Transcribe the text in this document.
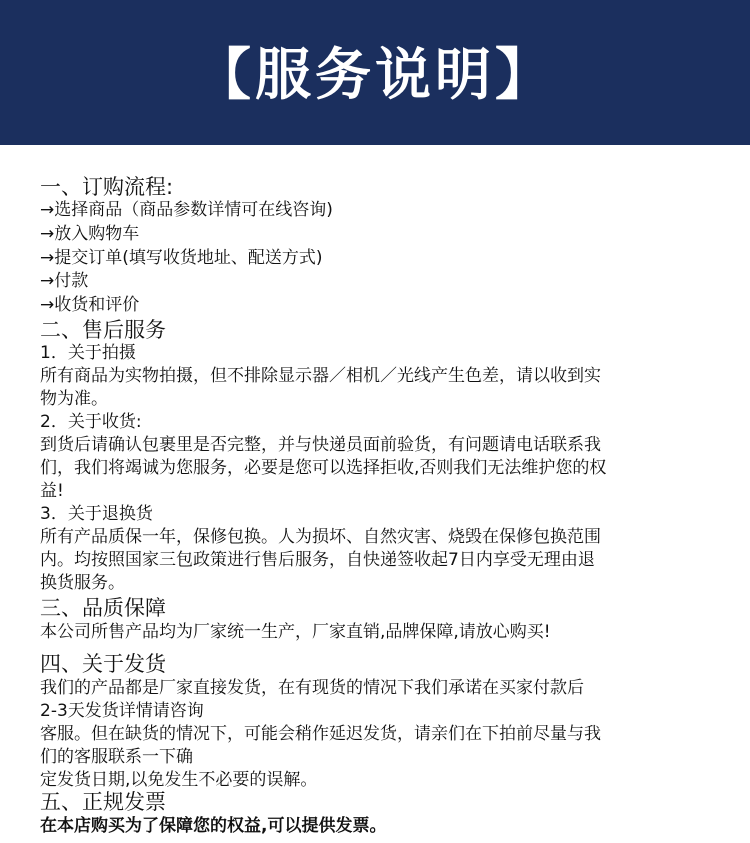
【服务说明】

一、订购流程:

→选择商品（商品参数详情可在线咨询)

→放入购物车

→提交订单(填写收货地址、配送方式)

→付款

→收货和评价

二、售后服务

1．关于拍摄

所有商品为实物拍摄，但不排除显示器／相机／光线产生色差，请以收到实

物为准。

2．关于收货:

到货后请确认包裹里是否完整，并与快递员面前验货，有问题请电话联系我

们，我们将竭诚为您服务，必要是您可以选择拒收,否则我们无法维护您的权

益!

3．关于退换货

所有产品质保一年，保修包换。人为损坏、自然灾害、烧毁在保修包换范围

内。均按照国家三包政策进行售后服务，自快递签收起7日内享受无理由退

换货服务。

三、品质保障

本公司所售产品均为厂家统一生产，厂家直销,品牌保障,请放心购买!

四、关于发货

我们的产品都是厂家直接发货，在有现货的情况下我们承诺在买家付款后

2-3天发货详情请咨询

客服。但在缺货的情况下，可能会稍作延迟发货，请亲们在下拍前尽量与我

们的客服联系一下确

定发货日期,以免发生不必要的误解。

五、正规发票

在本店购买为了保障您的权益,可以提供发票。
